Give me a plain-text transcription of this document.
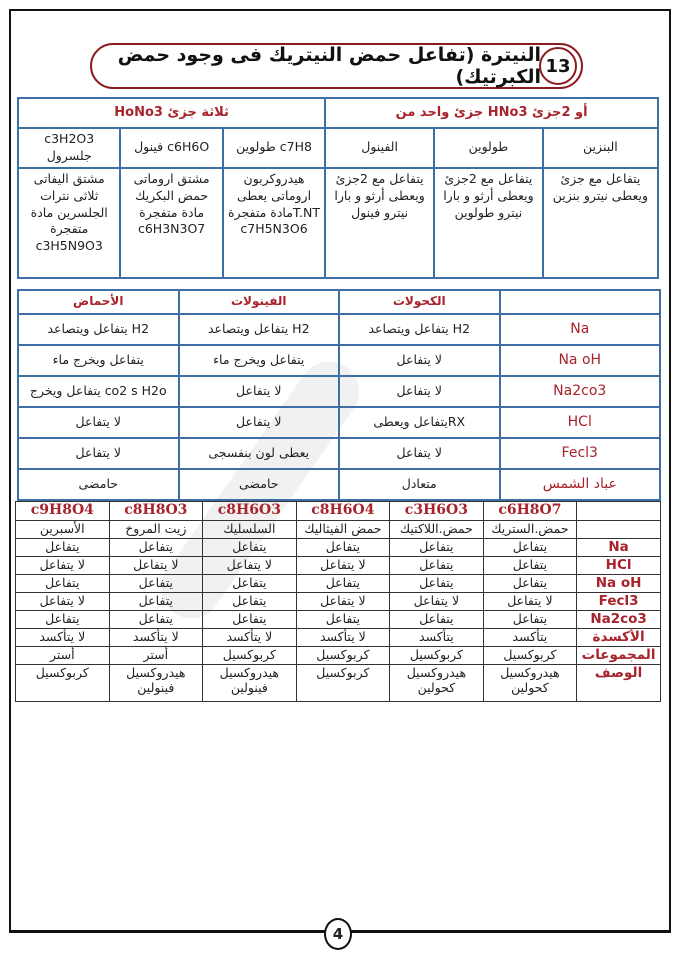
13
النيترة (تفاعل حمض النيتريك فى وجود حمض الكبرتيك)
أو 2جزئ HNo3 جزئ واحد من			ثلاثة جزئ HoNo3		
البنزين	طولوين	الفينول	c7H8 طولوين	c6H6O فينول	c3H2O3 جلسرول
يتفاعل مع جزئ ويعطى نيترو بنزين	يتفاعل مع 2جزئ ويعطى أرثو و بارا نيترو طولوين	يتفاعل مع 2جزئ ويعطى أرثو و بارا نيترو فينول	هيدروكربون اروماتى يعطى T.NTمادة متفجرة c7H5N3O6	مشتق اروماتى حمض البكريك مادة متفجرة c6H3N3O7	مشتق اليفاتى ثلاثى نترات الجلسرين مادة متفجرة c3H5N9O3
	الكحولات	الفينولات	الأحماض
Na	H2 يتفاعل ويتصاعد	H2 يتفاعل ويتصاعد	H2 يتفاعل ويتصاعد
Na oH	لا يتفاعل	يتفاعل ويخرج ماء	يتفاعل ويخرج ماء
Na2co3	لا يتفاعل	لا يتفاعل	co2 s H2o يتفاعل ويخرج
HCl	RXيتفاعل ويعطى	لا يتفاعل	لا يتفاعل
Fecl3	لا يتفاعل	يعطى لون بنفسجى	لا يتفاعل
عباد الشمس	متعادل	حامضى	حامضى
	c6H8O7	c3H6O3	c8H6O4	c8H6O3	c8H8O3	c9H8O4
	حمض.الستريك	حمض.اللاكتيك	حمض الفيثاليك	السلسليك	زيت المروخ	الأسبرين
Na	يتفاعل	يتفاعل	يتفاعل	يتفاعل	يتفاعل	يتفاعل
HCl	يتفاعل	يتفاعل	لا يتفاعل	لا يتفاعل	لا يتفاعل	لا يتفاعل
Na oH	يتفاعل	يتفاعل	يتفاعل	يتفاعل	يتفاعل	يتفاعل
Fecl3	لا يتفاعل	لا يتفاعل	لا يتفاعل	يتفاعل	يتفاعل	لا يتفاعل
Na2co3	يتفاعل	يتفاعل	يتفاعل	يتفاعل	يتفاعل	يتفاعل
الأكسدة	يتأكسد	يتأكسد	لا يتأكسد	لا يتأكسد	لا يتأكسد	لا يتأكسد
المجموعات	كربوكسيل	كربوكسيل	كربوكسيل	كربوكسيل	أستر	أستر
الوصف	هيدروكسيل كحولين	هيدروكسيل كحولين	كربوكسيل	هيدروكسيل فينولين	هيدروكسيل فينولين	كربوكسيل
4
